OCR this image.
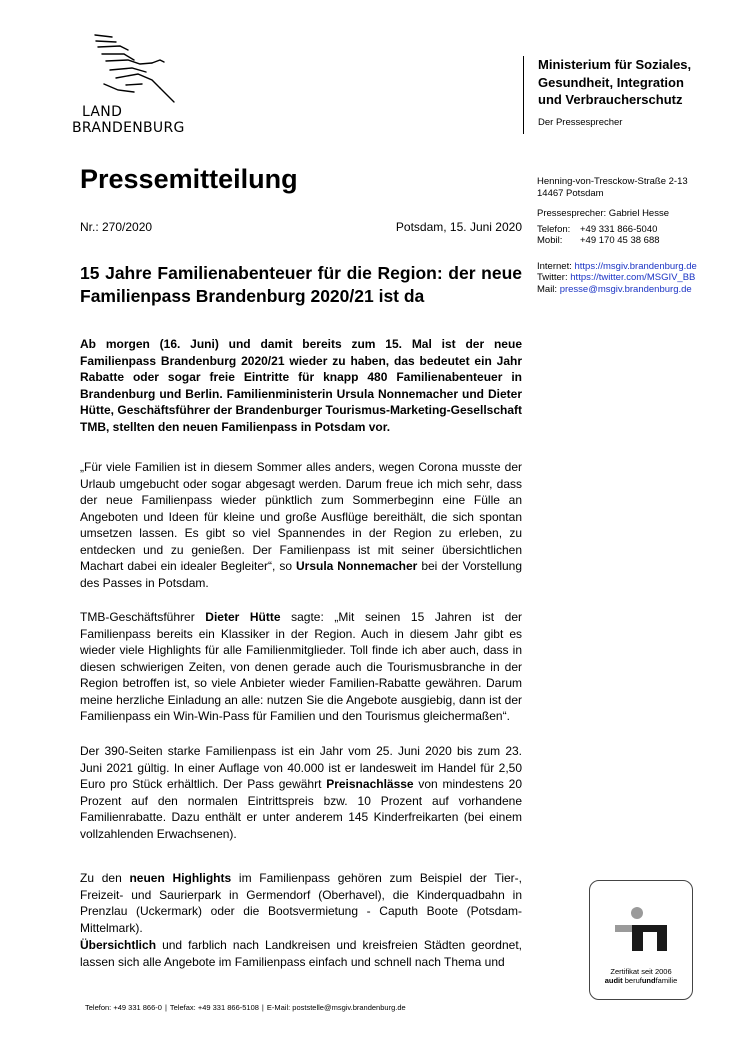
LAND
BRANDENBURG
Ministerium für Soziales,
Gesundheit, Integration
und Verbraucherschutz
Der Pressesprecher
Henning-von-Tresckow-Straße 2-13
14467 Potsdam
Pressesprecher: Gabriel Hesse
Telefon: +49 331 866-5040
Mobil: +49 170 45 38 688
Internet: https://msgiv.brandenburg.de
Twitter: https://twitter.com/MSGIV_BB
Mail: presse@msgiv.brandenburg.de
Pressemitteilung
Nr.: 270/2020	Potsdam, 15. Juni 2020
15 Jahre Familienabenteuer für die Region: der neue Familienpass Brandenburg 2020/21 ist da
Ab morgen (16. Juni) und damit bereits zum 15. Mal ist der neue Familienpass Brandenburg 2020/21 wieder zu haben, das bedeutet ein Jahr Rabatte oder sogar freie Eintritte für knapp 480 Familienabenteuer in Brandenburg und Berlin. Familienministerin Ursula Nonnemacher und Dieter Hütte, Geschäftsführer der Brandenburger Tourismus-Marketing-Gesellschaft TMB, stellten den neuen Familienpass in Potsdam vor.
„Für viele Familien ist in diesem Sommer alles anders, wegen Corona musste der Urlaub umgebucht oder sogar abgesagt werden. Darum freue ich mich sehr, dass der neue Familienpass wieder pünktlich zum Sommerbeginn eine Fülle an Angeboten und Ideen für kleine und große Ausflüge bereithält, die sich spontan umsetzen lassen. Es gibt so viel Spannendes in der Region zu erleben, zu entdecken und zu genießen. Der Familienpass ist mit seiner übersichtlichen Machart dabei ein idealer Begleiter“, so Ursula Nonnemacher bei der Vorstellung des Passes in Potsdam.
TMB-Geschäftsführer Dieter Hütte sagte: „Mit seinen 15 Jahren ist der Familienpass bereits ein Klassiker in der Region. Auch in diesem Jahr gibt es wieder viele Highlights für alle Familienmitglieder. Toll finde ich aber auch, dass in diesen schwierigen Zeiten, von denen gerade auch die Tourismusbranche in der Region betroffen ist, so viele Anbieter wieder Familien-Rabatte gewähren. Darum meine herzliche Einladung an alle: nutzen Sie die Angebote ausgiebig, dann ist der Familienpass ein Win-Win-Pass für Familien und den Tourismus gleichermaßen“.
Der 390-Seiten starke Familienpass ist ein Jahr vom 25. Juni 2020 bis zum 23. Juni 2021 gültig. In einer Auflage von 40.000 ist er landesweit im Handel für 2,50 Euro pro Stück erhältlich. Der Pass gewährt Preisnachlässe von mindestens 20 Prozent auf den normalen Eintrittspreis bzw. 10 Prozent auf vorhandene Familienrabatte. Dazu enthält er unter anderem 145 Kinderfreikarten (bei einem vollzahlenden Erwachsenen).
Zu den neuen Highlights im Familienpass gehören zum Beispiel der Tier-, Freizeit- und Saurierpark in Germendorf (Oberhavel), die Kinderquadbahn in Prenzlau (Uckermark) oder die Bootsvermietung - Caputh Boote (Potsdam-Mittelmark).
Übersichtlich und farblich nach Landkreisen und kreisfreien Städten geordnet, lassen sich alle Angebote im Familienpass einfach und schnell nach Thema und
Zertifikat seit 2006
audit berufundfamilie
Telefon: +49 331 866-0 | Telefax: +49 331 866-5108 | E-Mail: poststelle@msgiv.brandenburg.de
